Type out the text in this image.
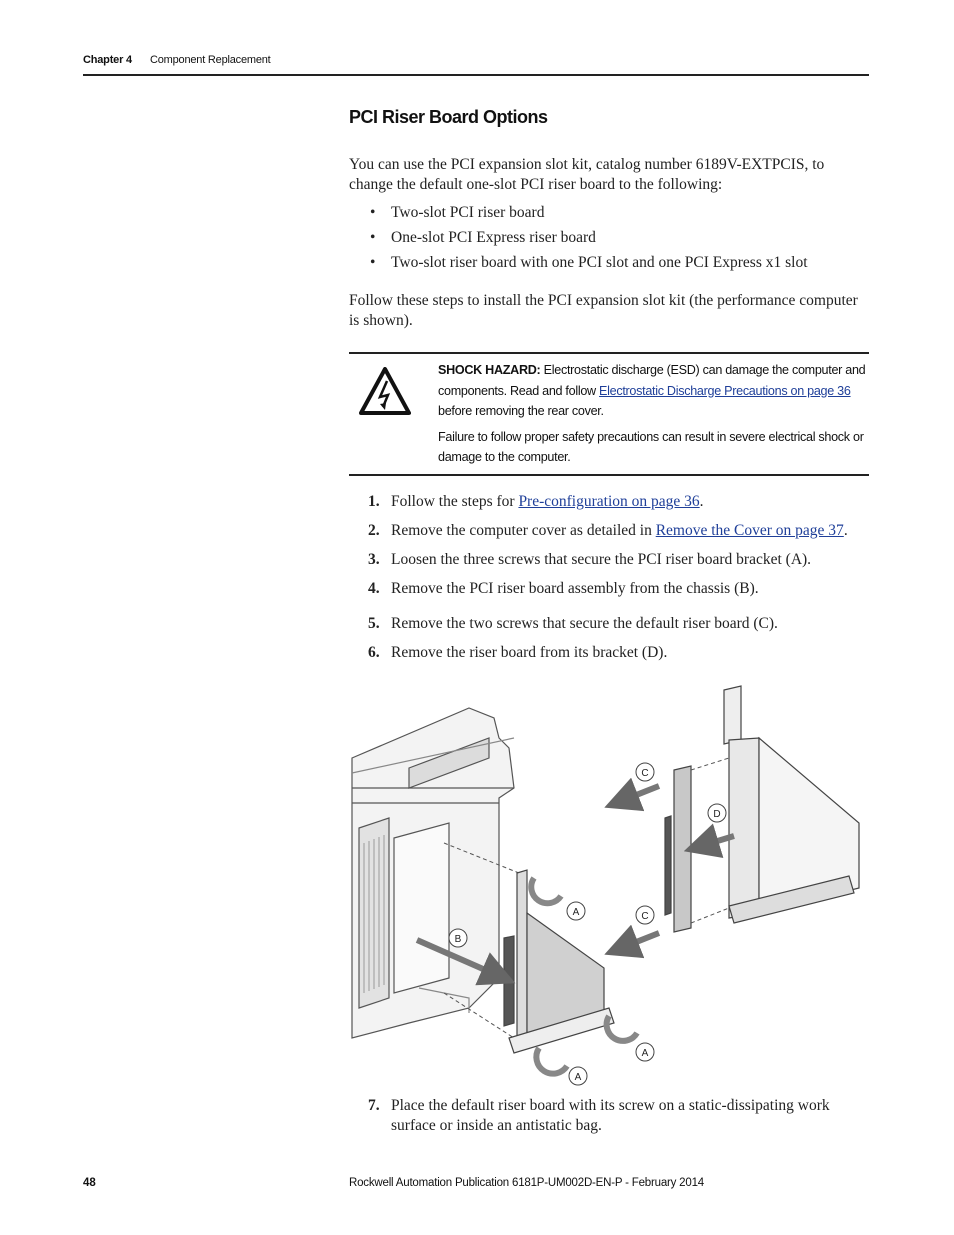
Chapter 4 Component Replacement
PCI Riser Board Options
You can use the PCI expansion slot kit, catalog number 6189V-EXTPCIS, to change the default one-slot PCI riser board to the following:
• Two-slot PCI riser board
• One-slot PCI Express riser board
• Two-slot riser board with one PCI slot and one PCI Express x1 slot
Follow these steps to install the PCI expansion slot kit (the performance computer is shown).

SHOCK HAZARD: Electrostatic discharge (ESD) can damage the computer and components. Read and follow Electrostatic Discharge Precautions on page 36 before removing the rear cover.

Failure to follow proper safety precautions can result in severe electrical shock or damage to the computer.

1. Follow the steps for Pre-configuration on page 36.
2. Remove the computer cover as detailed in Remove the Cover on page 37.
3. Loosen the three screws that secure the PCI riser board bracket (A).
4. Remove the PCI riser board assembly from the chassis (B).
5. Remove the two screws that secure the default riser board (C).
6. Remove the riser board from its bracket (D).
7. Place the default riser board with its screw on a static-dissipating work surface or inside an antistatic bag.
C
D
A
B
C
A
A
48	Rockwell Automation Publication 6181P-UM002D-EN-P - February 2014
